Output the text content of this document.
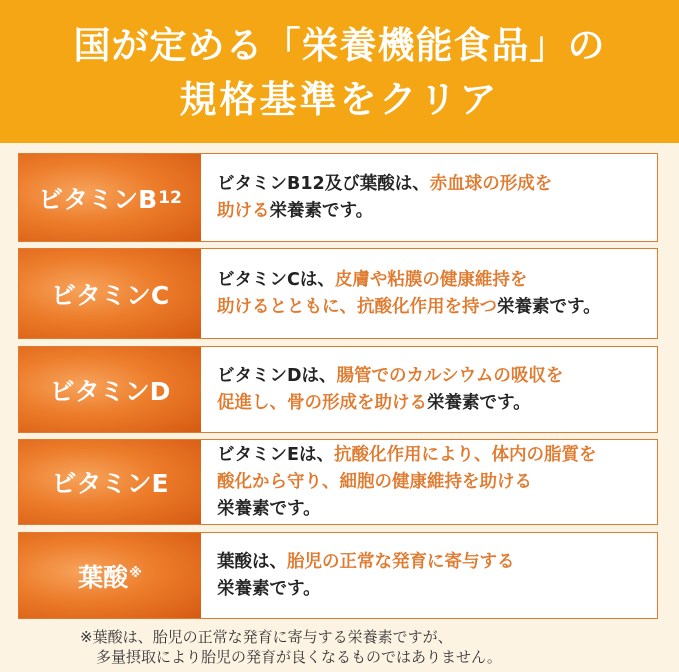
国が定める「栄養機能食品」の
規格基準をクリア
ビタミンB 12
ビタミンB12及び葉酸は、赤血球の形成を
助ける栄養素です。
ビタミンC
ビタミンCは、皮膚や粘膜の健康維持を
助けるとともに、抗酸化作用を持つ栄養素です。
ビタミンD
ビタミンDは、腸管でのカルシウムの吸収を
促進し、骨の形成を助ける栄養素です。
ビタミンE
ビタミンEは、抗酸化作用により、体内の脂質を
酸化から守り、細胞の健康維持を助ける
栄養素です。
葉酸※
葉酸は、胎児の正常な発育に寄与する
栄養素です。
※葉酸は、胎児の正常な発育に寄与する栄養素ですが、
多量摂取により胎児の発育が良くなるものではありません。
